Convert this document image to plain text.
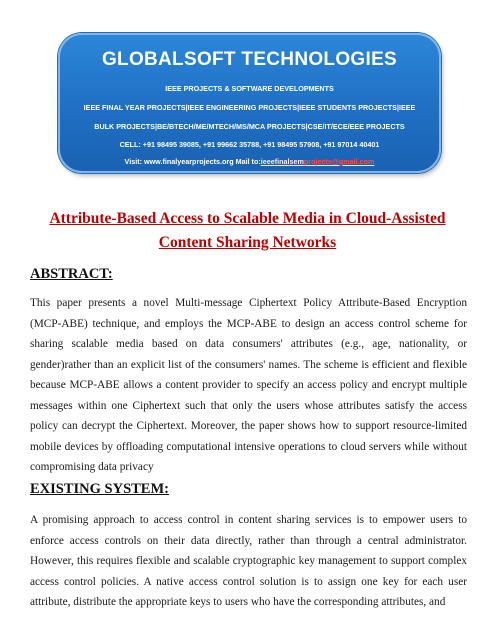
GLOBALSOFT TECHNOLOGIES
IEEE PROJECTS & SOFTWARE DEVELOPMENTS
IEEE FINAL YEAR PROJECTS|IEEE ENGINEERING PROJECTS|IEEE STUDENTS PROJECTS|IEEE
BULK PROJECTS|BE/BTECH/ME/MTECH/MS/MCA PROJECTS|CSE/IT/ECE/EEE PROJECTS
CELL: +91 98495 39085, +91 99662 35788, +91 98495 57908, +91 97014 40401
Visit: www.finalyearprojects.org Mail to:ieeefinalsemprojects@gmail.com
Attribute-Based Access to Scalable Media in Cloud-Assisted Content Sharing Networks
ABSTRACT:
This paper presents a novel Multi-message Ciphertext Policy Attribute-Based Encryption (MCP-ABE) technique, and employs the MCP-ABE to design an access control scheme for sharing scalable media based on data consumers' attributes (e.g., age, nationality, or gender)rather than an explicit list of the consumers' names. The scheme is efficient and flexible because MCP-ABE allows a content provider to specify an access policy and encrypt multiple messages within one Ciphertext such that only the users whose attributes satisfy the access policy can decrypt the Ciphertext. Moreover, the paper shows how to support resource-limited mobile devices by offloading computational intensive operations to cloud servers while without compromising data privacy
EXISTING SYSTEM:
A promising approach to access control in content sharing services is to empower users to enforce access controls on their data directly, rather than through a central administrator. However, this requires flexible and scalable cryptographic key management to support complex access control policies. A native access control solution is to assign one key for each user attribute, distribute the appropriate keys to users who have the corresponding attributes, and
